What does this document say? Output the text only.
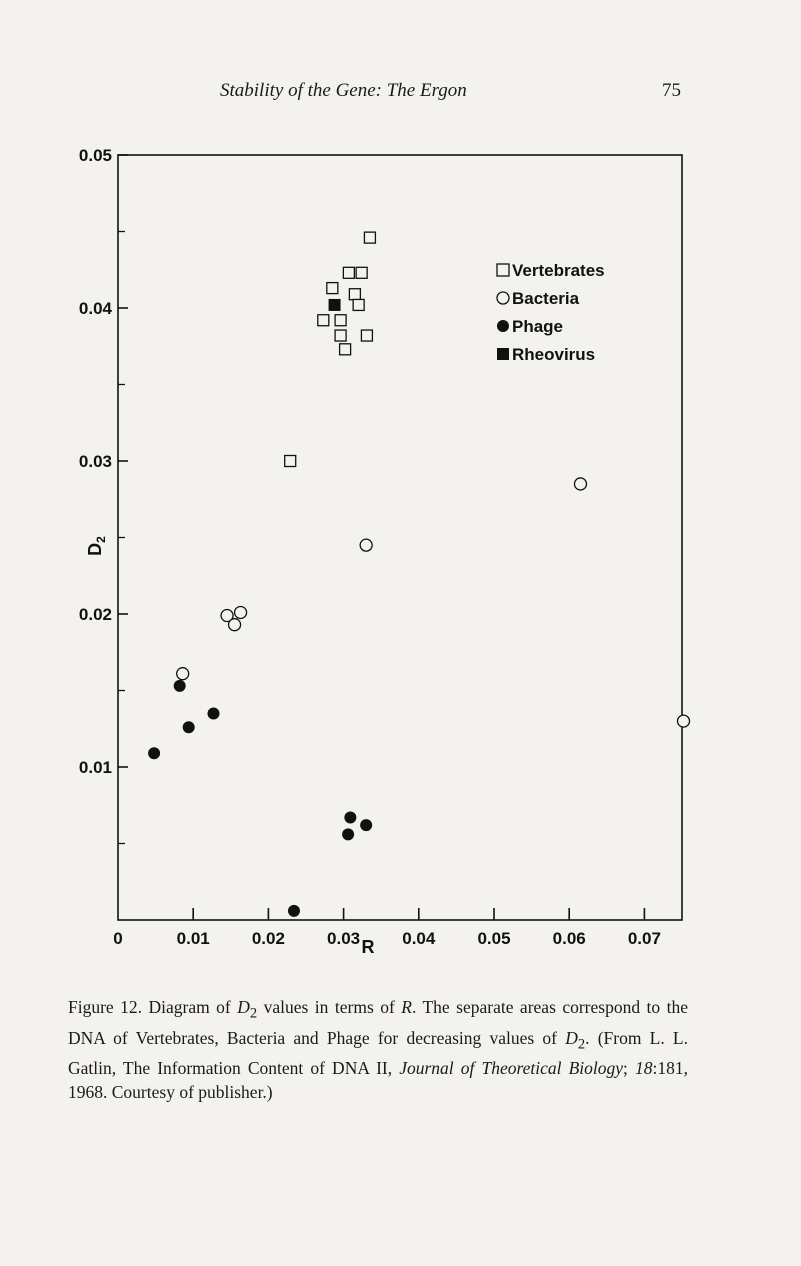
Stability of the Gene: The Ergon	75
0	0.01 0.02 0.03 0.04 0.05 0.06 0.07
0.01
0.02
0.03
0.04
0.05
Vertebrates
Bacteria
Phage
Rheovirus
R
$D_2$
Figure 12. Diagram of $D_2$ values in terms of R. The separate areas correspond to the DNA of Vertebrates, Bacteria and Phage for decreasing values of $D_2$. (From L. L. Gatlin, The Information Content of DNA II, Journal of Theoretical Biology; 18:181, 1968. Courtesy of publisher.)
